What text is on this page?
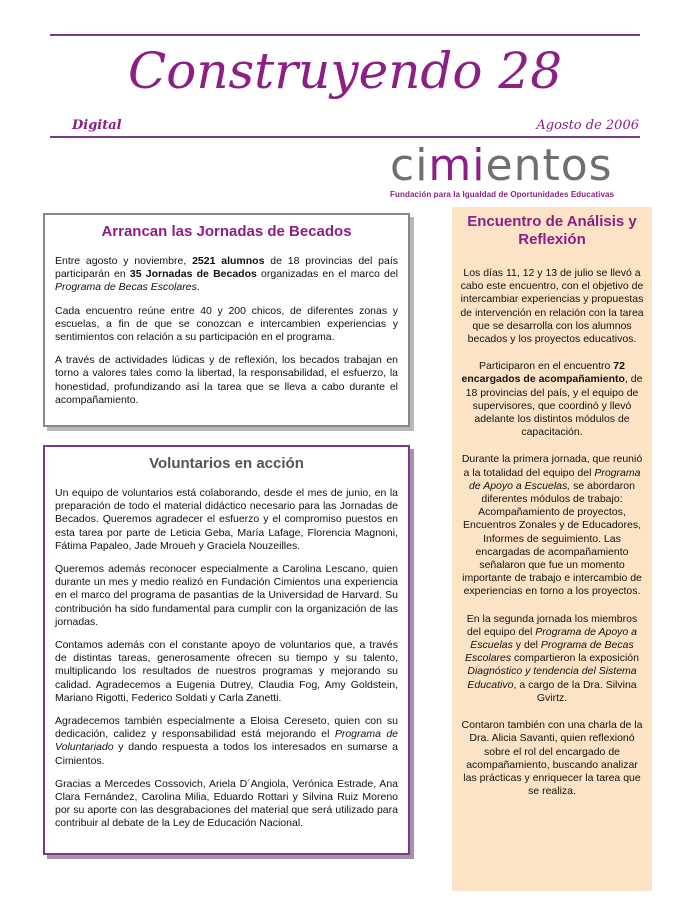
Construyendo 28
Digital	Agosto de 2006
cimientos
Fundación para la Igualdad de Oportunidades Educativas
Arrancan las Jornadas de Becados

Entre agosto y noviembre, 2521 alumnos de 18 provincias del país participarán en 35 Jornadas de Becados organizadas en el marco del Programa de Becas Escolares.

Cada encuentro reúne entre 40 y 200 chicos, de diferentes zonas y escuelas, a fin de que se conozcan e intercambien experiencias y sentimientos con relación a su participación en el programa.

A través de actividades lúdicas y de reflexión, los becados trabajan en torno a valores tales como la libertad, la responsabilidad, el esfuerzo, la honestidad, profundizando así la tarea que se lleva a cabo durante el acompañamiento.

Voluntarios en acción

Un equipo de voluntarios está colaborando, desde el mes de junio, en la preparación de todo el material didáctico necesario para las Jornadas de Becados. Queremos agradecer el esfuerzo y el compromiso puestos en esta tarea por parte de Leticia Geba, María Lafage, Florencia Magnoni, Fátima Papaleo, Jade Mroueh y Graciela Nouzeilles.

Queremos además reconocer especialmente a Carolina Lescano, quien durante un mes y medio realizó en Fundación Cimientos una experiencia en el marco del programa de pasantías de la Universidad de Harvard. Su contribución ha sido fundamental para cumplir con la organización de las jornadas.

Contamos además con el constante apoyo de voluntarios que, a través de distintas tareas, generosamente ofrecen su tiempo y su talento, multiplicando los resultados de nuestros programas y mejorando su calidad. Agradecemos a Eugenia Dutrey, Claudia Fog, Amy Goldstein, Mariano Rigotti, Federico Soldati y Carla Zanetti.

Agradecemos también especialmente a Eloisa Cereseto, quien con su dedicación, calidez y responsabilidad está mejorando el Programa de Voluntariado y dando respuesta a todos los interesados en sumarse a Cimientos.

Gracias a Mercedes Cossovich, Ariela D´Angiola, Verónica Estrade, Ana Clara Fernández, Carolina Milia, Eduardo Rottari y Silvina Ruiz Moreno por su aporte con las desgrabaciones del material que será utilizado para contribuir al debate de la Ley de Educación Nacional.

Encuentro de Análisis y Reflexión

Los días 11, 12 y 13 de julio se llevó a cabo este encuentro, con el objetivo de intercambiar experiencias y propuestas de intervención en relación con la tarea que se desarrolla con los alumnos becados y los proyectos educativos.

Participaron en el encuentro 72 encargados de acompañamiento, de 18 provincias del país, y el equipo de supervisores, que coordinó y llevó adelante los distintos módulos de capacitación.

Durante la primera jornada, que reunió a la totalidad del equipo del Programa de Apoyo a Escuelas, se abordaron diferentes módulos de trabajo: Acompañamiento de proyectos, Encuentros Zonales y de Educadores, Informes de seguimiento. Las encargadas de acompañamiento señalaron que fue un momento importante de trabajo e intercambio de experiencias en torno a los proyectos.

En la segunda jornada los miembros del equipo del Programa de Apoyo a Escuelas y del Programa de Becas Escolares compartieron la exposición Diagnóstico y tendencia del Sistema Educativo, a cargo de la Dra. Silvina Gvirtz.

Contaron también con una charla de la Dra. Alicia Savanti, quien reflexionó sobre el rol del encargado de acompañamiento, buscando analizar las prácticas y enriquecer la tarea que se realiza.
